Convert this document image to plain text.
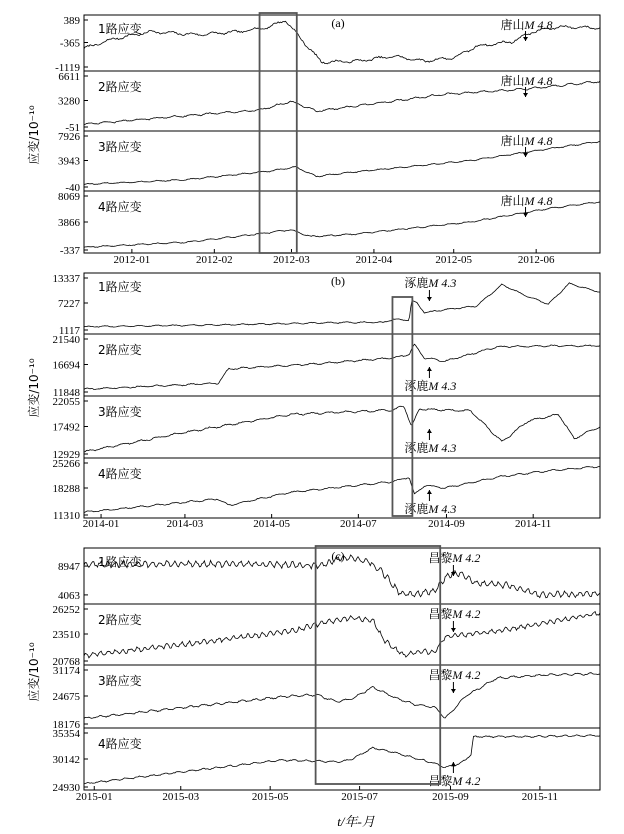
应变/10⁻¹⁰
应变/10⁻¹⁰
应变/10⁻¹⁰
t/年-月
2012-01	2012-02	2012-03	2012-04	2012-05	2012-06
(a)
389
-365
-1119
1路应变	唐山M 4.8
6611
3280
-51
2路应变	唐山M 4.8
7926
3943
-40
3路应变	唐山M 4.8
8069
3866
-337
4路应变	唐山M 4.8
2014-01	2014-03	2014-05	2014-07	2014-09	2014-11
(b)
13337
7227
1117
1路应变	涿鹿M 4.3
21540
16694
11848
2路应变
涿鹿M 4.3
22055
17492
12929
3路应变
涿鹿M 4.3
25266
18288
11310
4路应变
涿鹿M 4.3
2015-01	2015-03	2015-05	2015-07	2015-09	2015-11
(c)
8947
4063
1路应变	昌黎M 4.2
26252
23510
20768
2路应变	昌黎M 4.2
31174
24675
18176
3路应变	昌黎M 4.2
35354
30142
24930
4路应变
昌黎M 4.2
